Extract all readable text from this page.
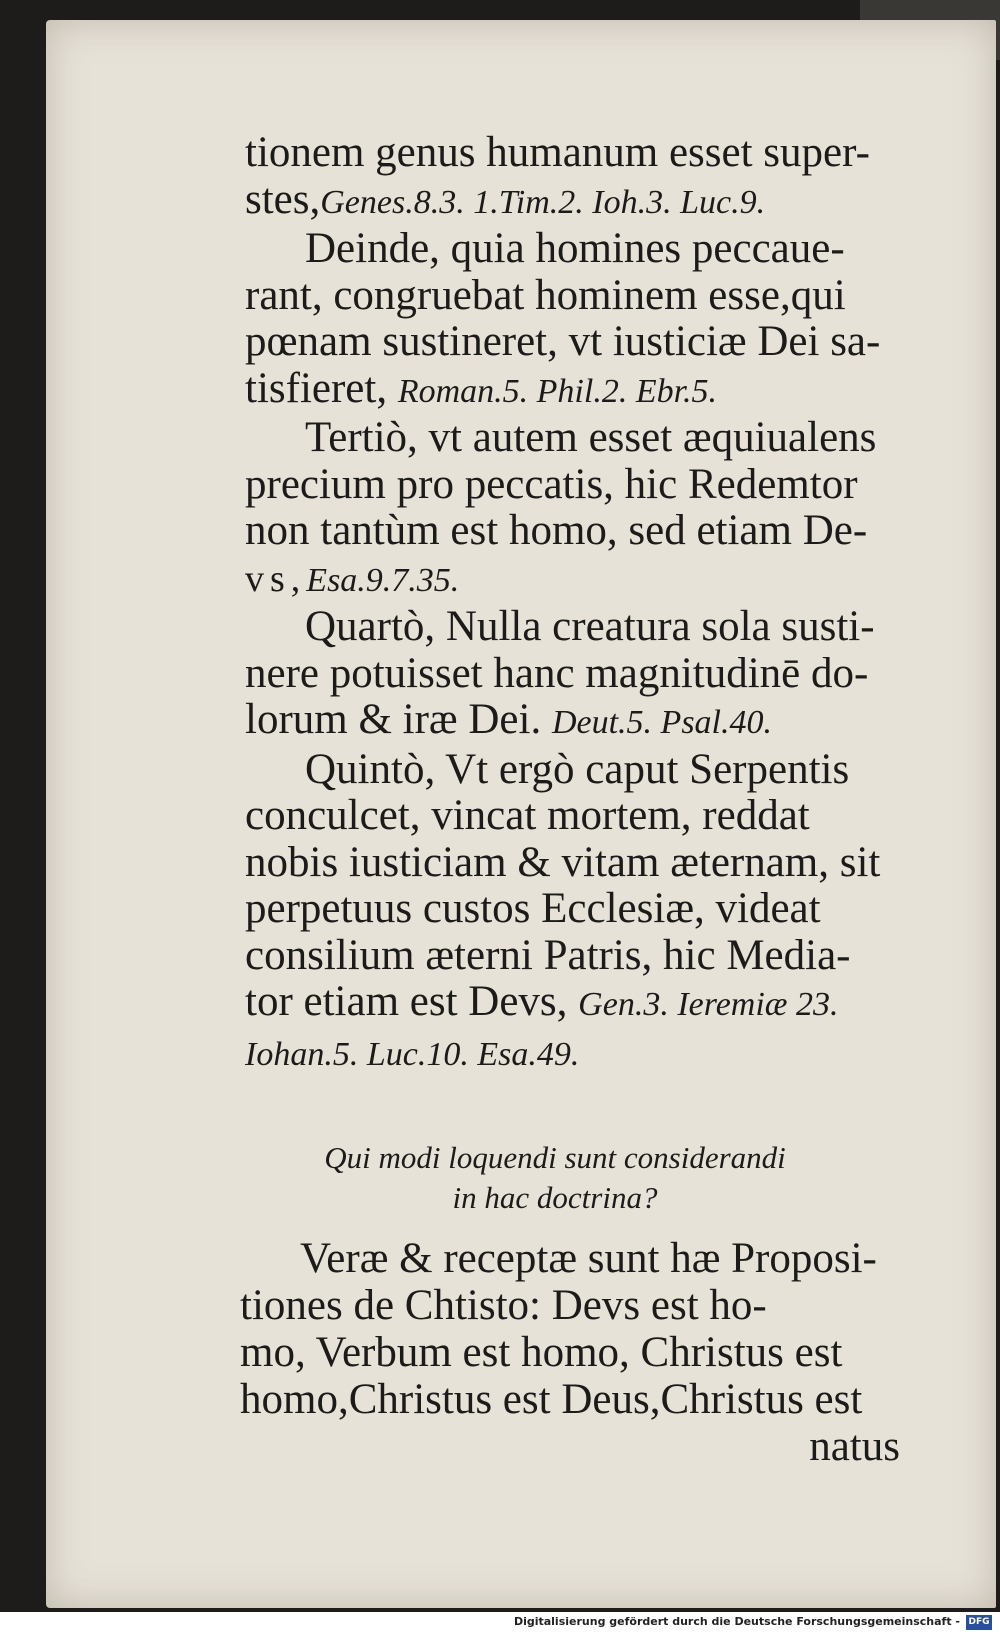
tionem genus humanum esset super-
stes,Genes.8.3. 1.Tim.2. Ioh.3. Luc.9.
Deinde, quia homines peccaue-
rant, congruebat hominem esse,qui
pœnam sustineret, vt iusticiæ Dei sa-
tisfieret, Roman.5. Phil.2. Ebr.5.
Tertiò, vt autem esset æquiualens
precium pro peccatis, hic Redemtor
non tantùm est homo, sed etiam De-
vs,Esa.9.7.35.
Quartò, Nulla creatura sola susti-
nere potuisset hanc magnitudinē do-
lorum & iræ Dei. Deut.5. Psal.40.
Quintò, Vt ergò caput Serpentis
conculcet, vincat mortem, reddat
nobis iusticiam & vitam æternam, sit
perpetuus custos Ecclesiæ, videat
consilium æterni Patris, hic Media-
tor etiam est Devs, Gen.3. Ieremiæ 23.
Iohan.5. Luc.10. Esa.49.
Qui modi loquendi sunt considerandi
in hac doctrina?
Veræ & receptæ sunt hæ Proposi-
tiones de Chtisto: Devs est ho-
mo, Verbum est homo, Christus est
homo,Christus est Deus,Christus est
natus
Digitalisierung gefördert durch die Deutsche Forschungsgemeinschaft - DFG
